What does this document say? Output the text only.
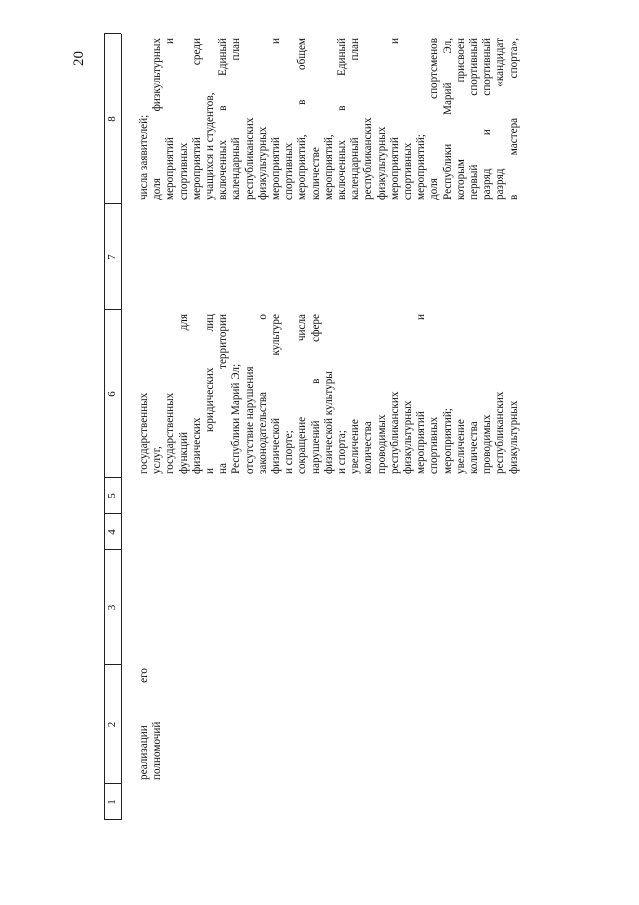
20
1
2
3
4
5
6
7
8
реализации его полномочий
государственных услуг, государственных функций для физических и юридических лиц на территории Республики Марий Эл; отсутствие нарушения законодательства о физической культуре и спорте; сокращение числа нарушений в сфере физической культуры и спорта; увеличение количества проводимых республиканских физкультурных мероприятий и спортивных мероприятий; увеличение количества проводимых республиканских физкультурных
числа заявителей; доля физкультурных мероприятий и спортивных мероприятий среди учащихся и студентов, включенных в Единый календарный план республиканских физкультурных мероприятий и спортивных мероприятий, в общем количестве мероприятий, включенных в Единый календарный план республиканских физкультурных мероприятий и спортивных мероприятий; доля спортсменов Республики Марий Эл, которым присвоен первый спортивный разряд и спортивный разряд «кандидат в мастера спорта»,
